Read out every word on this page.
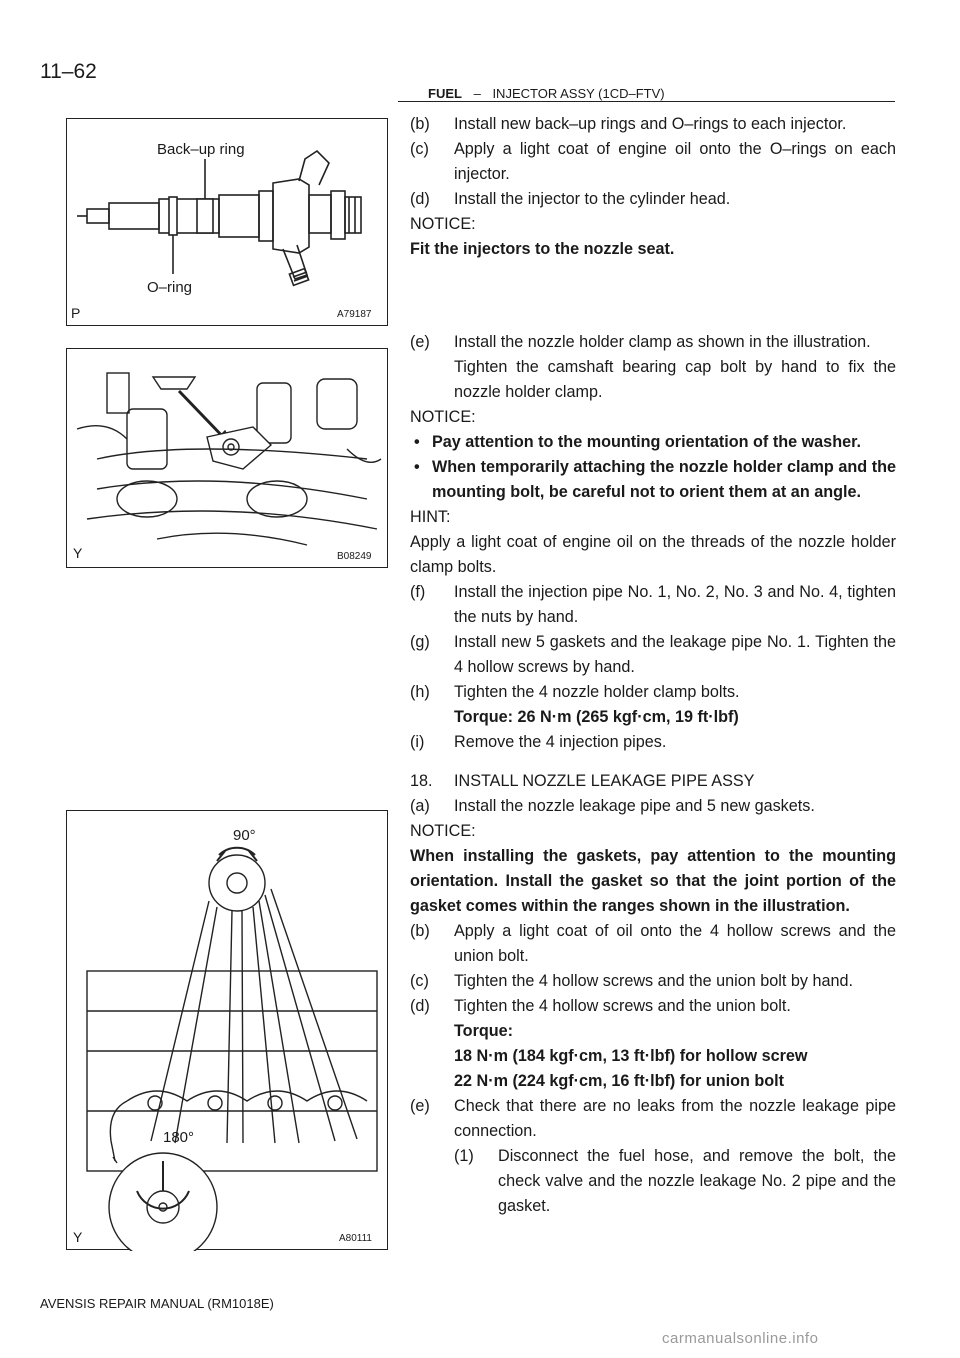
11–62
FUEL – INJECTOR ASSY (1CD–FTV)
Back–up ring
O–ring
P	A79187
Y	B08249
90°
180°
Y	A80111
(b)	Install new back–up rings and O–rings to each injector.
(c)	Apply a light coat of engine oil onto the O–rings on each injector.
(d)	Install the injector to the cylinder head.
NOTICE:
Fit the injectors to the nozzle seat.
(e)	Install the nozzle holder clamp as shown in the illustration.
Tighten the camshaft bearing cap bolt by hand to fix the nozzle holder clamp.
NOTICE:
• Pay attention to the mounting orientation of the washer.
• When temporarily attaching the nozzle holder clamp and the mounting bolt, be careful not to orient them at an angle.
HINT:
Apply a light coat of engine oil on the threads of the nozzle holder clamp bolts.
(f)	Install the injection pipe No. 1, No. 2, No. 3 and No. 4, tighten the nuts by hand.
(g)	Install new 5 gaskets and the leakage pipe No. 1. Tighten the 4 hollow screws by hand.
(h)	Tighten the 4 nozzle holder clamp bolts.
Torque: 26 N·m (265 kgf·cm, 19 ft·lbf)
(i)	Remove the 4 injection pipes.
18.	INSTALL NOZZLE LEAKAGE PIPE ASSY
(a)	Install the nozzle leakage pipe and 5 new gaskets.
NOTICE:
When installing the gaskets, pay attention to the mounting orientation. Install the gasket so that the joint portion of the gasket comes within the ranges shown in the illustration.
(b)	Apply a light coat of oil onto the 4 hollow screws and the union bolt.
(c)	Tighten the 4 hollow screws and the union bolt by hand.
(d)	Tighten the 4 hollow screws and the union bolt.
Torque:
18 N·m (184 kgf·cm, 13 ft·lbf) for hollow screw
22 N·m (224 kgf·cm, 16 ft·lbf) for union bolt
(e)	Check that there are no leaks from the nozzle leakage pipe connection.
(1)	Disconnect the fuel hose, and remove the bolt, the check valve and the nozzle leakage No. 2 pipe and the gasket.
AVENSIS REPAIR MANUAL (RM1018E)
carmanualsonline.info
